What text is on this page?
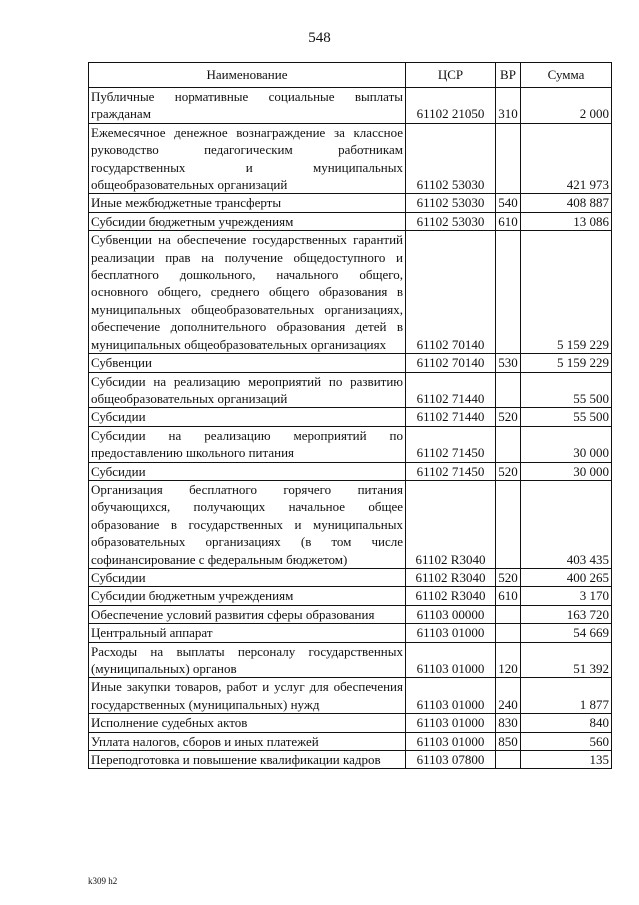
548
Наименование	ЦСР	ВР	Сумма
Публичные нормативные социальные выплаты гражданам	61102 21050	310	2 000
Ежемесячное денежное вознаграждение за классное руководство педагогическим работникам государственных и муниципальных общеобразовательных организаций	61102 53030		421 973
Иные межбюджетные трансферты	61102 53030	540	408 887
Субсидии бюджетным учреждениям	61102 53030	610	13 086
Субвенции на обеспечение государственных гарантий реализации прав на получение общедоступного и бесплатного дошкольного, начального общего, основного общего, среднего общего образования в муниципальных общеобразовательных организациях, обеспечение дополнительного образования детей в муниципальных общеобразовательных организациях	61102 70140		5 159 229
Субвенции	61102 70140	530	5 159 229
Субсидии на реализацию мероприятий по развитию общеобразовательных организаций	61102 71440		55 500
Субсидии	61102 71440	520	55 500
Субсидии на реализацию мероприятий по предоставлению школьного питания	61102 71450		30 000
Субсидии	61102 71450	520	30 000
Организация бесплатного горячего питания обучающихся, получающих начальное общее образование в государственных и муниципальных образовательных организациях (в том числе софинансирование с федеральным бюджетом)	61102 R3040		403 435
Субсидии	61102 R3040	520	400 265
Субсидии бюджетным учреждениям	61102 R3040	610	3 170
Обеспечение условий развития сферы образования	61103 00000		163 720
Центральный аппарат	61103 01000		54 669
Расходы на выплаты персоналу государственных (муниципальных) органов	61103 01000	120	51 392
Иные закупки товаров, работ и услуг для обеспечения государственных (муниципальных) нужд	61103 01000	240	1 877
Исполнение судебных актов	61103 01000	830	840
Уплата налогов, сборов и иных платежей	61103 01000	850	560
Переподготовка и повышение квалификации кадров	61103 07800		135
k309 h2
